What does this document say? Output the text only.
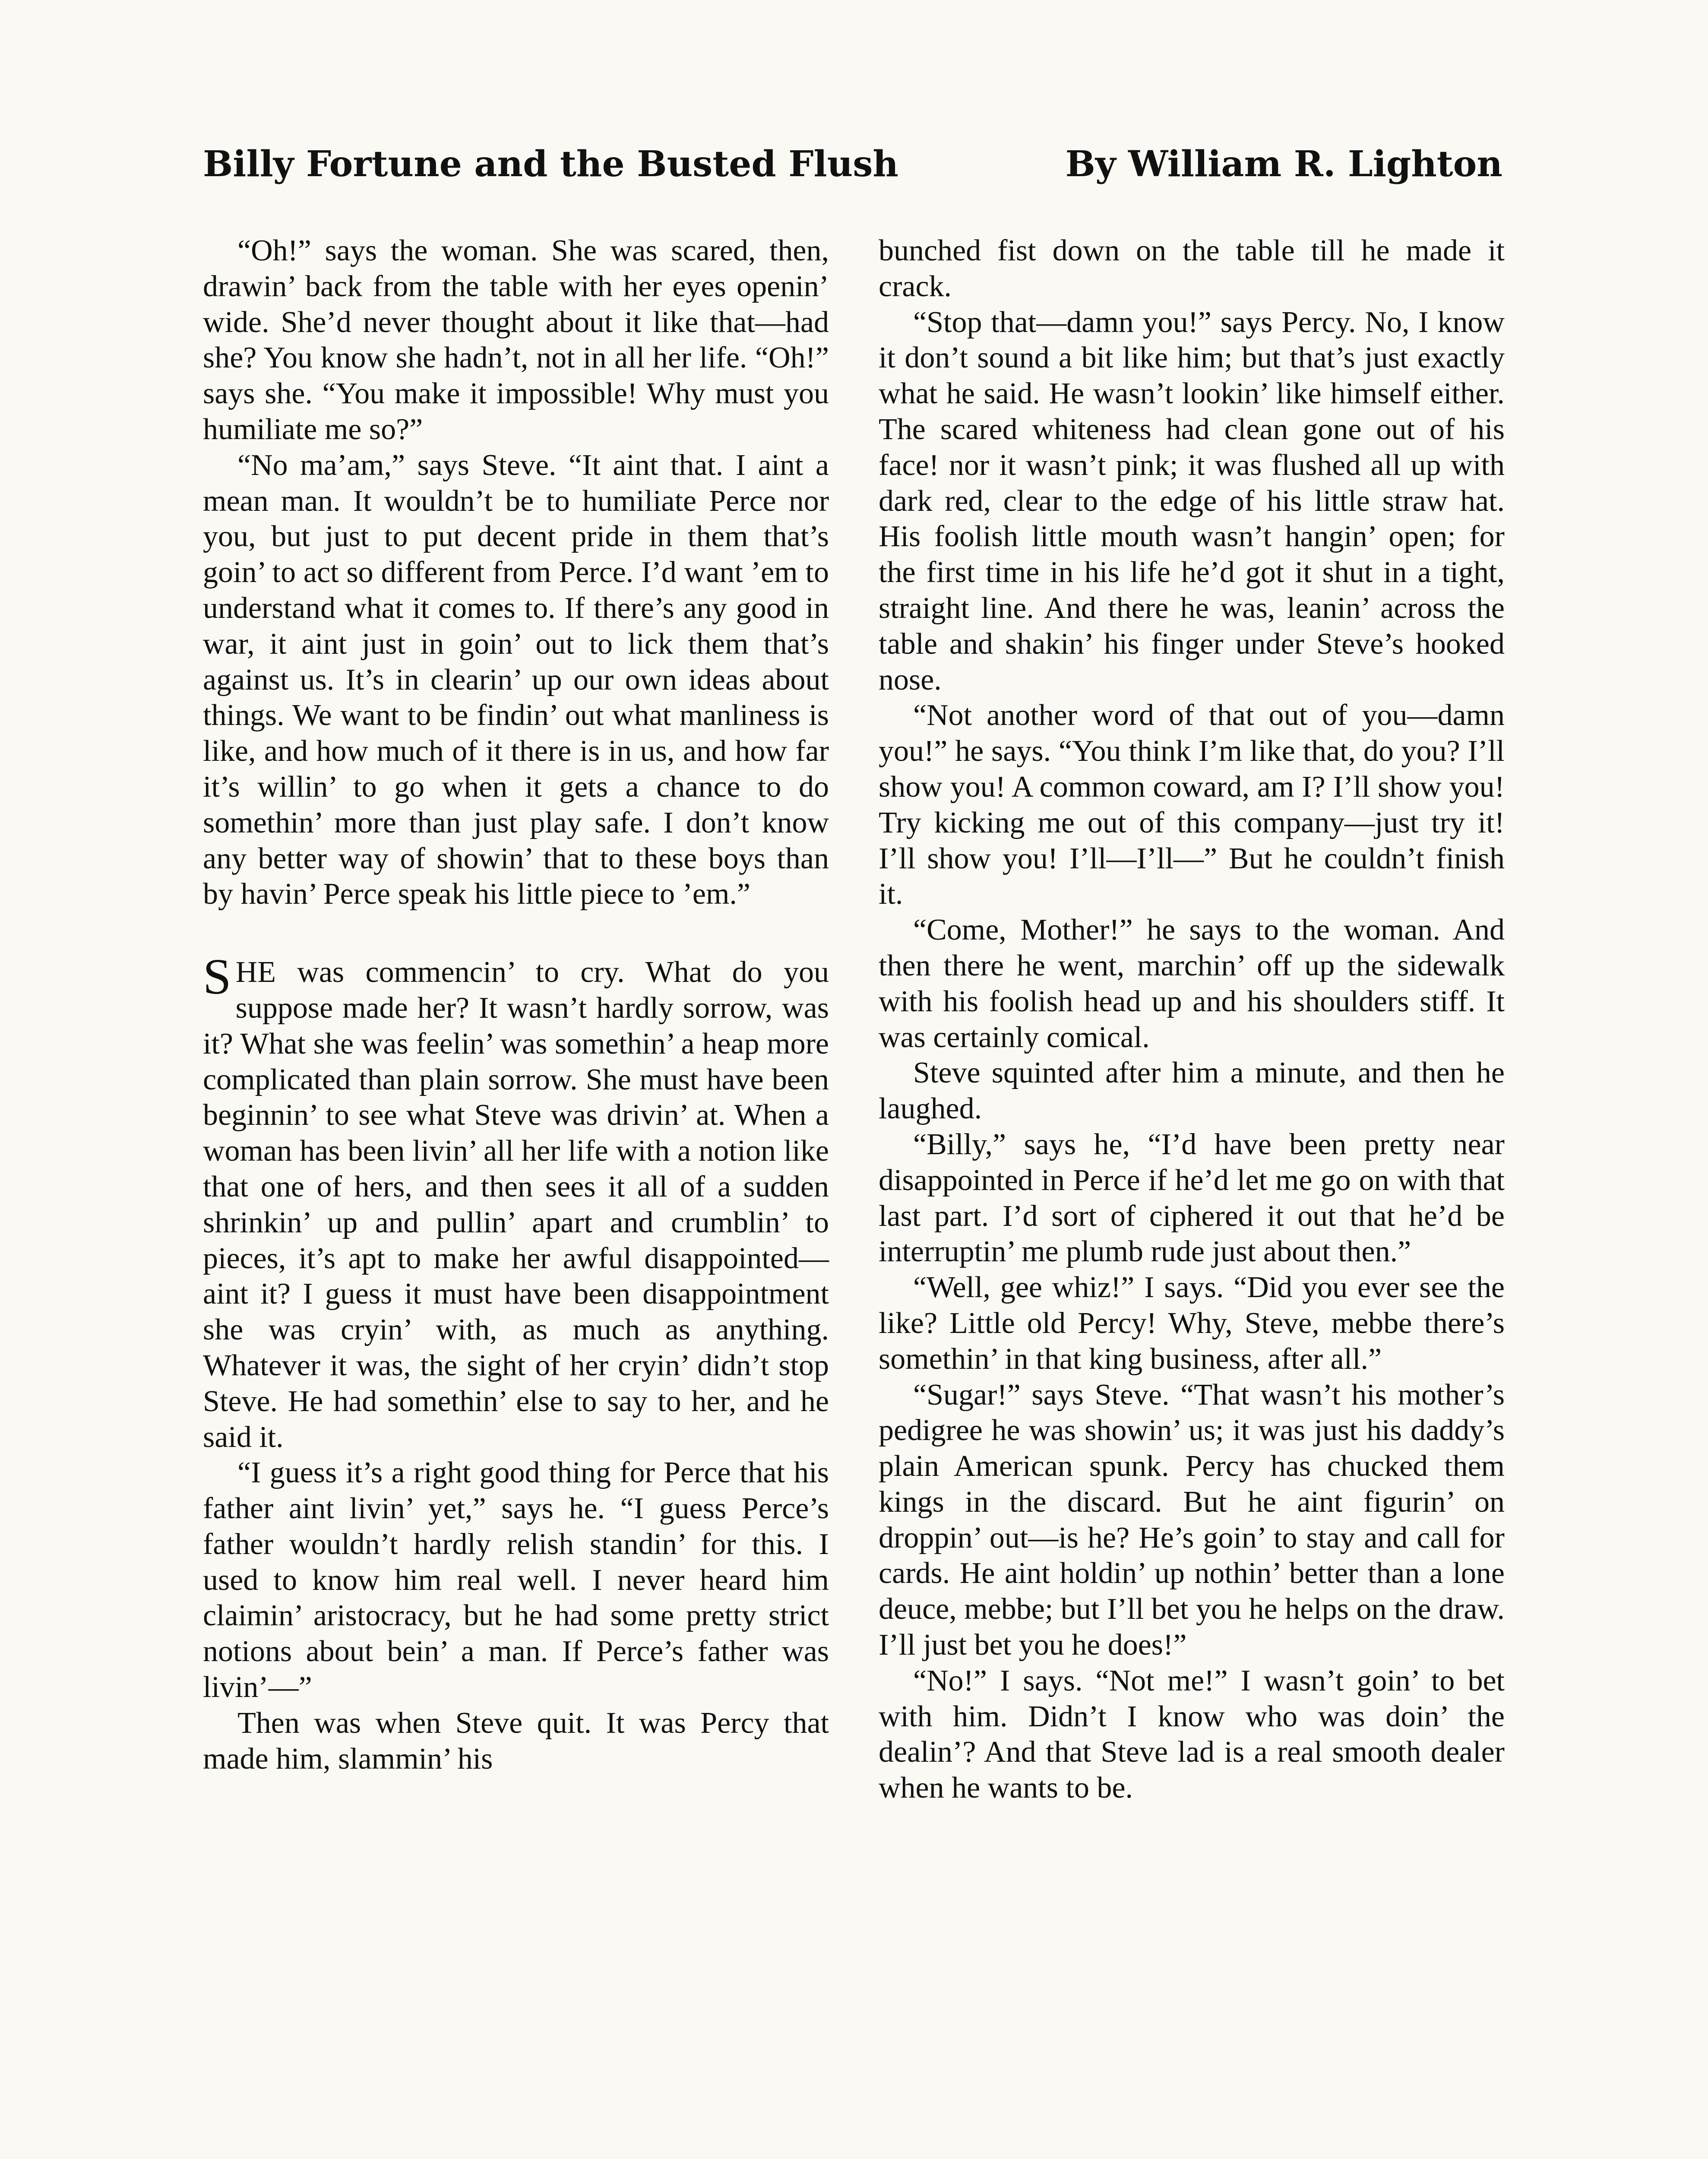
Billy Fortune and the Busted Flush	By William R. Lighton

“Oh!” says the woman. She was scared, then, drawin’ back from the table with her eyes openin’ wide. She’d never thought about it like that—had she? You know she hadn’t, not in all her life. “Oh!” says she. “You make it impossible! Why must you humiliate me so?”

“No ma’am,” says Steve. “It aint that. I aint a mean man. It wouldn’t be to humiliate Perce nor you, but just to put decent pride in them that’s goin’ to act so different from Perce. I’d want ’em to understand what it comes to. If there’s any good in war, it aint just in goin’ out to lick them that’s against us. It’s in clearin’ up our own ideas about things. We want to be findin’ out what manliness is like, and how much of it there is in us, and how far it’s willin’ to go when it gets a chance to do somethin’ more than just play safe. I don’t know any better way of showin’ that to these boys than by havin’ Perce speak his little piece to ’em.”

SHE was commencin’ to cry. What do you suppose made her? It wasn’t hardly sorrow, was it? What she was feelin’ was somethin’ a heap more complicated than plain sorrow. She must have been beginnin’ to see what Steve was drivin’ at. When a woman has been livin’ all her life with a notion like that one of hers, and then sees it all of a sudden shrinkin’ up and pullin’ apart and crumblin’ to pieces, it’s apt to make her awful disappointed—aint it? I guess it must have been disappointment she was cryin’ with, as much as anything. Whatever it was, the sight of her cryin’ didn’t stop Steve. He had somethin’ else to say to her, and he said it.

“I guess it’s a right good thing for Perce that his father aint livin’ yet,” says he. “I guess Perce’s father wouldn’t hardly relish standin’ for this. I used to know him real well. I never heard him claimin’ aristocracy, but he had some pretty strict notions about bein’ a man. If Perce’s father was livin’—”

Then was when Steve quit. It was Percy that made him, slammin’ his

bunched fist down on the table till he made it crack.

“Stop that—damn you!” says Percy. No, I know it don’t sound a bit like him; but that’s just exactly what he said. He wasn’t lookin’ like himself either. The scared whiteness had clean gone out of his face! nor it wasn’t pink; it was flushed all up with dark red, clear to the edge of his little straw hat. His foolish little mouth wasn’t hangin’ open; for the first time in his life he’d got it shut in a tight, straight line. And there he was, leanin’ across the table and shakin’ his finger under Steve’s hooked nose.

“Not another word of that out of you—damn you!” he says. “You think I’m like that, do you? I’ll show you! A common coward, am I? I’ll show you! Try kicking me out of this company—just try it! I’ll show you! I’ll—I’ll—” But he couldn’t finish it.

“Come, Mother!” he says to the woman. And then there he went, marchin’ off up the sidewalk with his foolish head up and his shoulders stiff. It was certainly comical.

Steve squinted after him a minute, and then he laughed.

“Billy,” says he, “I’d have been pretty near disappointed in Perce if he’d let me go on with that last part. I’d sort of ciphered it out that he’d be interruptin’ me plumb rude just about then.”

“Well, gee whiz!” I says. “Did you ever see the like? Little old Percy! Why, Steve, mebbe there’s somethin’ in that king business, after all.”

“Sugar!” says Steve. “That wasn’t his mother’s pedigree he was showin’ us; it was just his daddy’s plain American spunk. Percy has chucked them kings in the discard. But he aint figurin’ on droppin’ out—is he? He’s goin’ to stay and call for cards. He aint holdin’ up nothin’ better than a lone deuce, mebbe; but I’ll bet you he helps on the draw. I’ll just bet you he does!”

“No!” I says. “Not me!” I wasn’t goin’ to bet with him. Didn’t I know who was doin’ the dealin’? And that Steve lad is a real smooth dealer when he wants to be.
